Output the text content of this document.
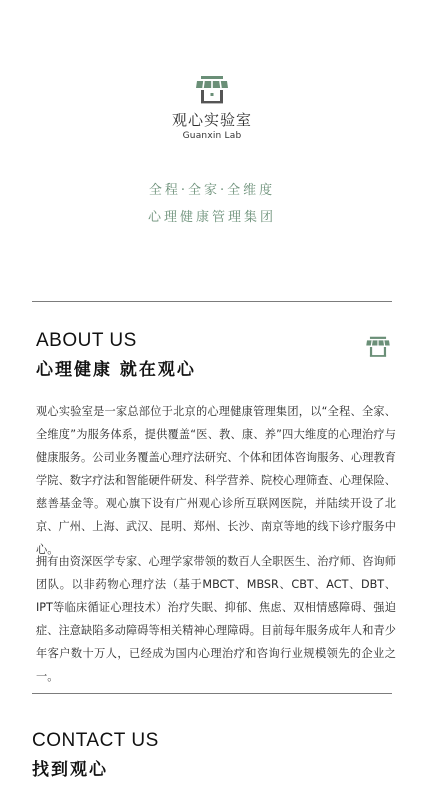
观心实验室
Guanxin Lab
全程·全家·全维度
心理健康管理集团
ABOUT US
心理健康 就在观心
观心实验室是一家总部位于北京的心理健康管理集团，以“全程、全家、全维度”为服务体系，提供覆盖“医、教、康、养”四大维度的心理治疗与健康服务。公司业务覆盖心理疗法研究、个体和团体咨询服务、心理教育学院、数字疗法和智能硬件研发、科学营养、院校心理筛查、心理保险、慈善基金等。观心旗下设有广州观心诊所互联网医院，并陆续开设了北京、广州、上海、武汉、昆明、郑州、长沙、南京等地的线下诊疗服务中心。
拥有由资深医学专家、心理学家带领的数百人全职医生、治疗师、咨询师团队。以非药物心理疗法（基于MBCT、MBSR、CBT、ACT、DBT、IPT等临床循证心理技术）治疗失眠、抑郁、焦虑、双相情感障碍、强迫症、注意缺陷多动障碍等相关精神心理障碍。目前每年服务成年人和青少年客户数十万人，已经成为国内心理治疗和咨询行业规模领先的企业之一。
CONTACT US
找到观心
